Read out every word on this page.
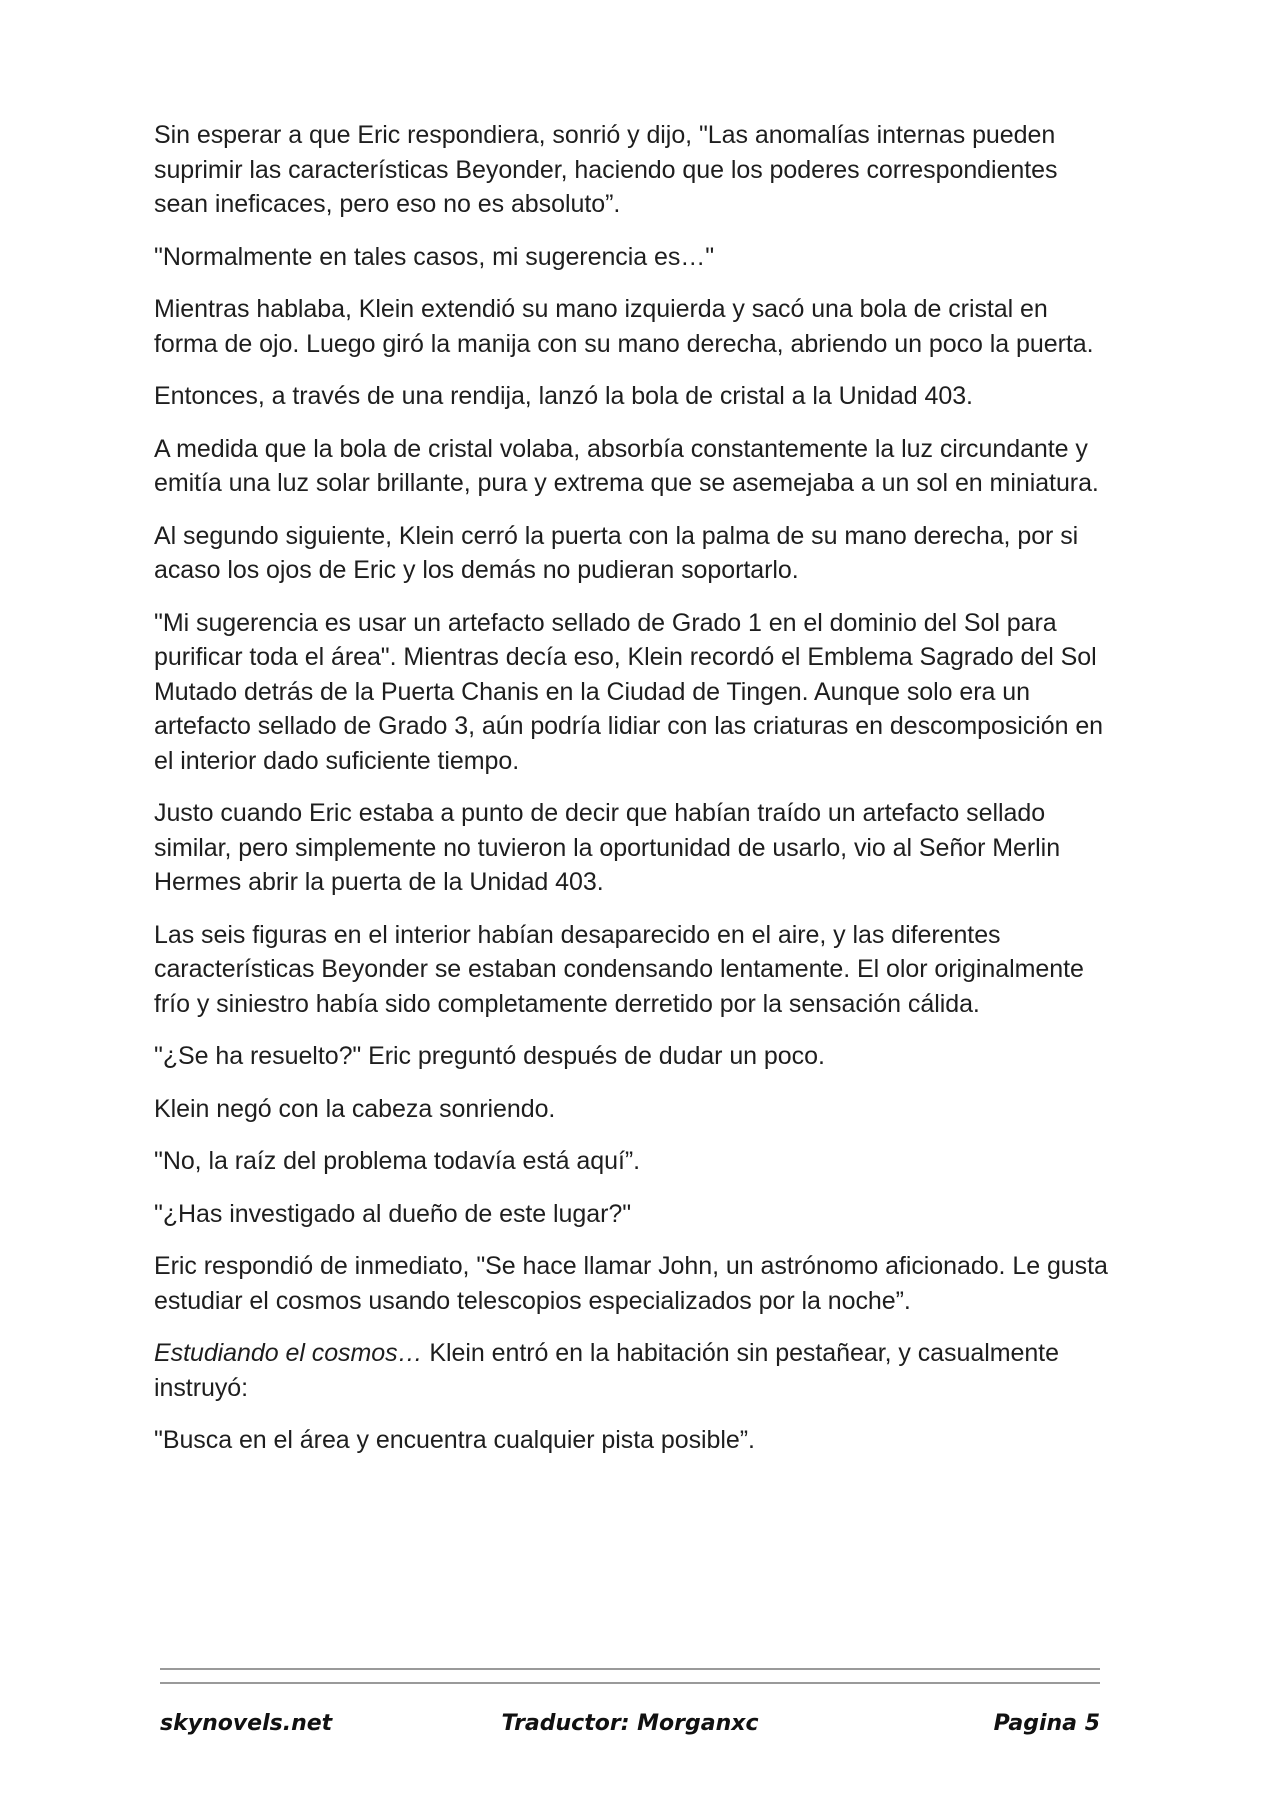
Sin esperar a que Eric respondiera, sonrió y dijo, "Las anomalías internas pueden suprimir las características Beyonder, haciendo que los poderes correspondientes sean ineficaces, pero eso no es absoluto”.

"Normalmente en tales casos, mi sugerencia es…"

Mientras hablaba, Klein extendió su mano izquierda y sacó una bola de cristal en forma de ojo. Luego giró la manija con su mano derecha, abriendo un poco la puerta.

Entonces, a través de una rendija, lanzó la bola de cristal a la Unidad 403.

A medida que la bola de cristal volaba, absorbía constantemente la luz circundante y emitía una luz solar brillante, pura y extrema que se asemejaba a un sol en miniatura.

Al segundo siguiente, Klein cerró la puerta con la palma de su mano derecha, por si acaso los ojos de Eric y los demás no pudieran soportarlo.

"Mi sugerencia es usar un artefacto sellado de Grado 1 en el dominio del Sol para purificar toda el área". Mientras decía eso, Klein recordó el Emblema Sagrado del Sol Mutado detrás de la Puerta Chanis en la Ciudad de Tingen. Aunque solo era un artefacto sellado de Grado 3, aún podría lidiar con las criaturas en descomposición en el interior dado suficiente tiempo.

Justo cuando Eric estaba a punto de decir que habían traído un artefacto sellado similar, pero simplemente no tuvieron la oportunidad de usarlo, vio al Señor Merlin Hermes abrir la puerta de la Unidad 403.

Las seis figuras en el interior habían desaparecido en el aire, y las diferentes características Beyonder se estaban condensando lentamente. El olor originalmente frío y siniestro había sido completamente derretido por la sensación cálida.

"¿Se ha resuelto?" Eric preguntó después de dudar un poco.

Klein negó con la cabeza sonriendo.

"No, la raíz del problema todavía está aquí”.

"¿Has investigado al dueño de este lugar?"

Eric respondió de inmediato, "Se hace llamar John, un astrónomo aficionado. Le gusta estudiar el cosmos usando telescopios especializados por la noche”.

Estudiando el cosmos… Klein entró en la habitación sin pestañear, y casualmente instruyó:

"Busca en el área y encuentra cualquier pista posible”.

skynovels.net	Traductor: Morganxc	Pagina 5
